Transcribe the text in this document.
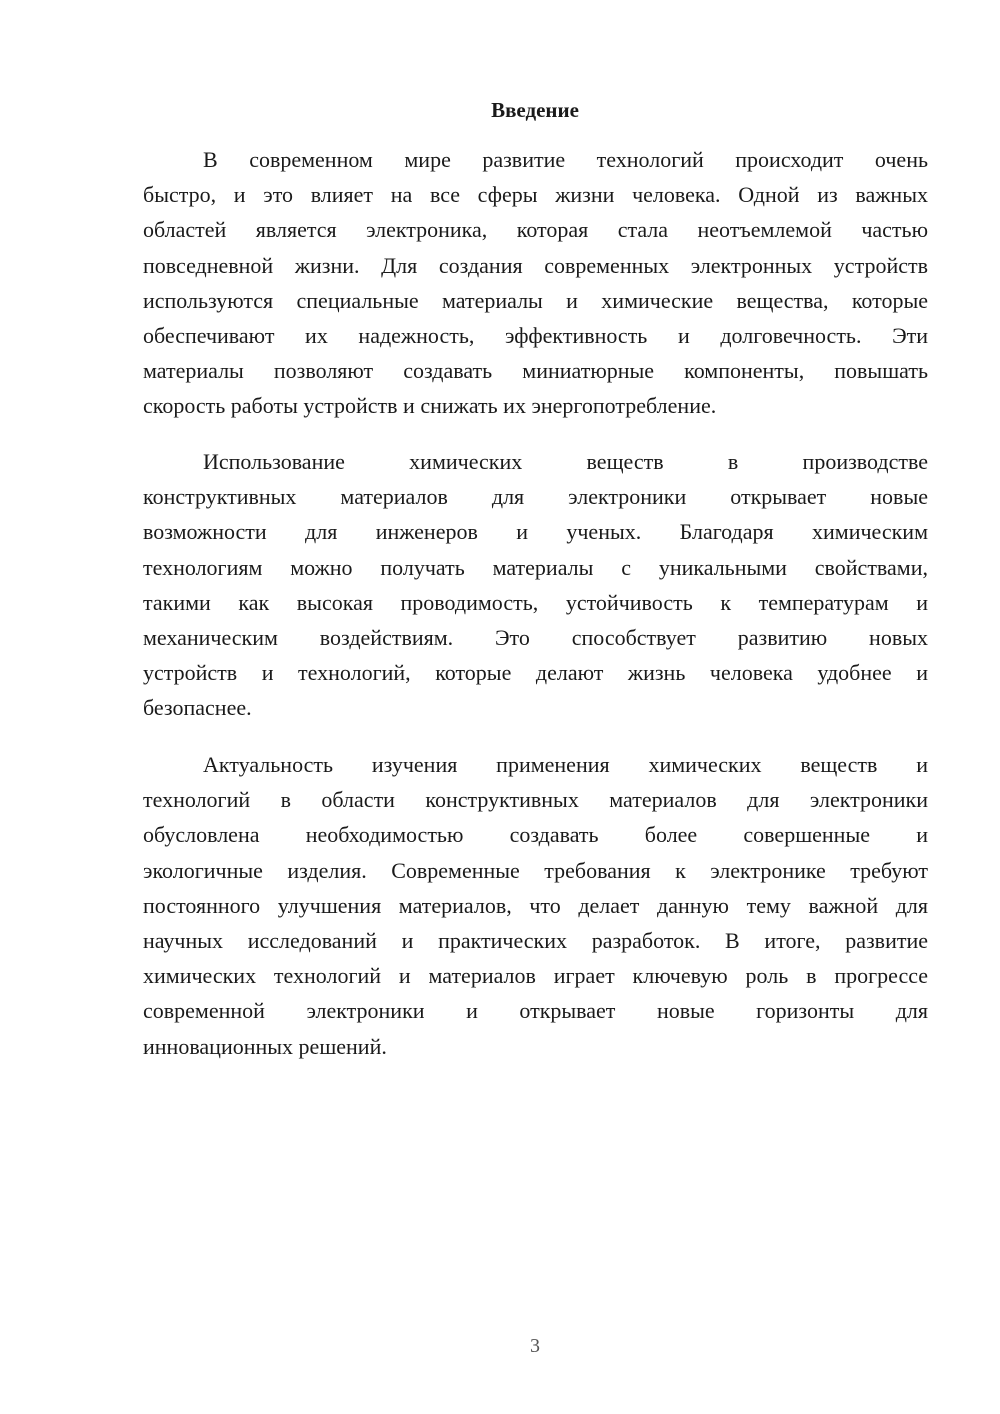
Введение
В современном мире развитие технологий происходит очень
быстро, и это влияет на все сферы жизни человека. Одной из важных
областей является электроника, которая стала неотъемлемой частью
повседневной жизни. Для создания современных электронных устройств
используются специальные материалы и химические вещества, которые
обеспечивают их надежность, эффективность и долговечность. Эти
материалы позволяют создавать миниатюрные компоненты, повышать
скорость работы устройств и снижать их энергопотребление.
Использование химических веществ в производстве
конструктивных материалов для электроники открывает новые
возможности для инженеров и ученых. Благодаря химическим
технологиям можно получать материалы с уникальными свойствами,
такими как высокая проводимость, устойчивость к температурам и
механическим воздействиям. Это способствует развитию новых
устройств и технологий, которые делают жизнь человека удобнее и
безопаснее.
Актуальность изучения применения химических веществ и
технологий в области конструктивных материалов для электроники
обусловлена необходимостью создавать более совершенные и
экологичные изделия. Современные требования к электронике требуют
постоянного улучшения материалов, что делает данную тему важной для
научных исследований и практических разработок. В итоге, развитие
химических технологий и материалов играет ключевую роль в прогрессе
современной электроники и открывает новые горизонты для
инновационных решений.
3
